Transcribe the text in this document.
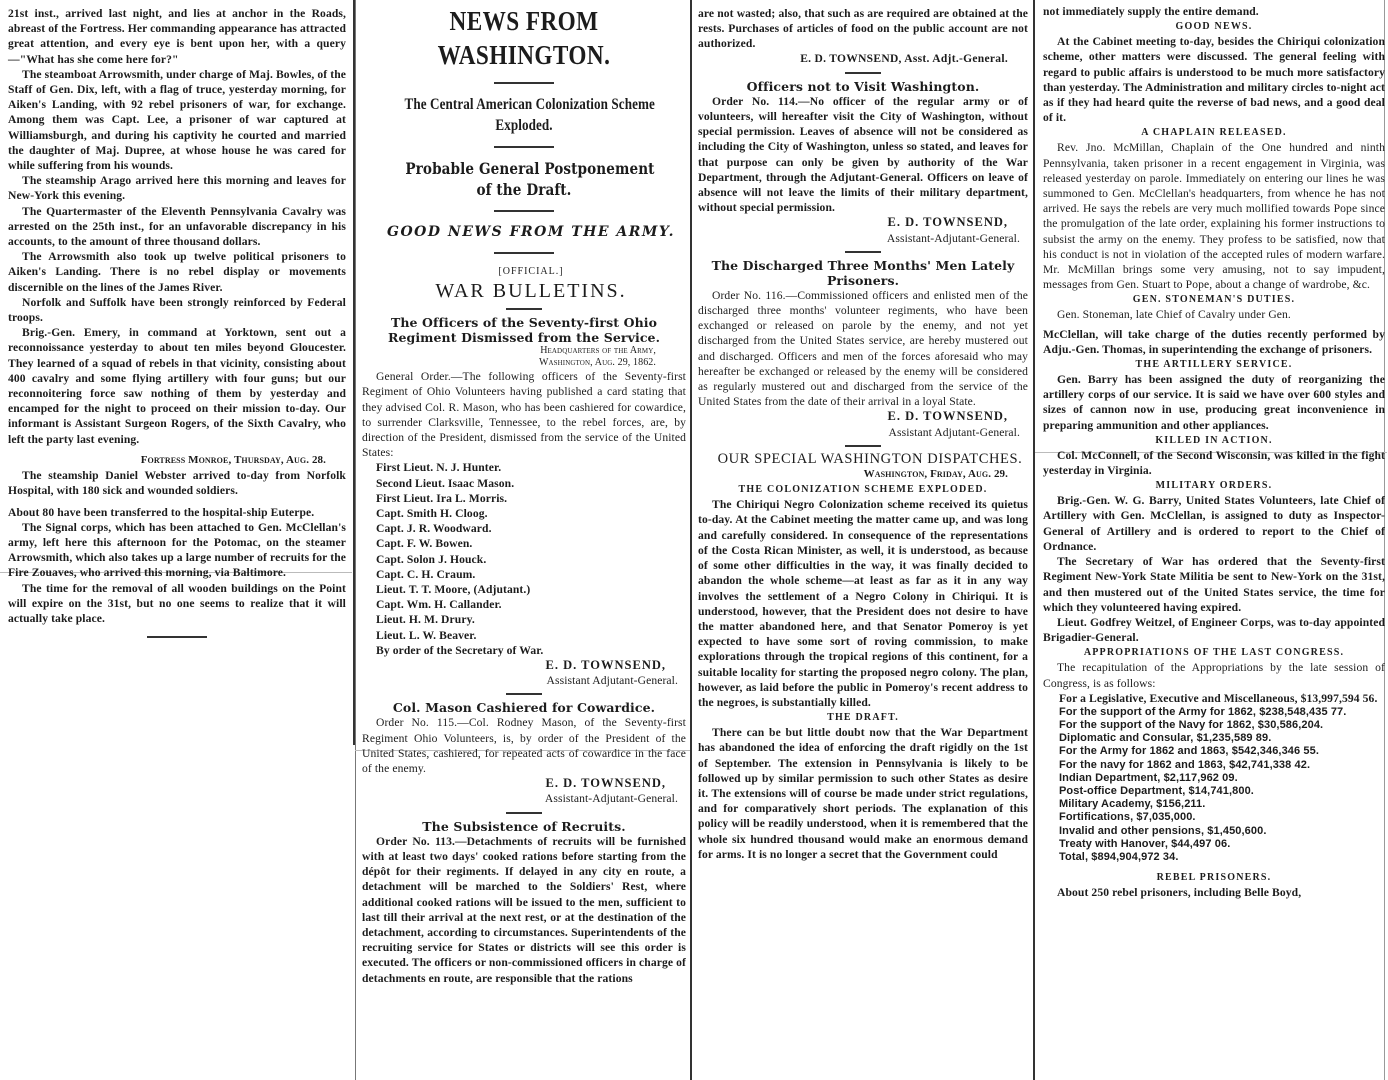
21st inst., arrived last night, and lies at anchor in the Roads, abreast of the Fortress. Her commanding appearance has attracted great attention, and every eye is bent upon her, with a query—"What has she come here for?"

The steamboat Arrowsmith, under charge of Maj. Bowles, of the Staff of Gen. Dix, left, with a flag of truce, yesterday morning, for Aiken's Landing, with 92 rebel prisoners of war, for exchange. Among them was Capt. Lee, a prisoner of war captured at Williamsburgh, and during his captivity he courted and married the daughter of Maj. Dupree, at whose house he was cared for while suffering from his wounds.

The steamship Arago arrived here this morning and leaves for New-York this evening.

The Quartermaster of the Eleventh Pennsylvania Cavalry was arrested on the 25th inst., for an unfavorable discrepancy in his accounts, to the amount of three thousand dollars.

The Arrowsmith also took up twelve political prisoners to Aiken's Landing. There is no rebel display or movements discernible on the lines of the James River.

Norfolk and Suffolk have been strongly reinforced by Federal troops.

Brig.-Gen. Emery, in command at Yorktown, sent out a reconnoissance yesterday to about ten miles beyond Gloucester. They learned of a squad of rebels in that vicinity, consisting about 400 cavalry and some flying artillery with four guns; but our reconnoitering force saw nothing of them by yesterday and encamped for the night to proceed on their mission to-day. Our informant is Assistant Surgeon Rogers, of the Sixth Cavalry, who left the party last evening.

Fortress Monroe, Thursday, Aug. 28.

The steamship Daniel Webster arrived to-day from Norfolk Hospital, with 180 sick and wounded soldiers.

About 80 have been transferred to the hospital-ship Euterpe.

The Signal corps, which has been attached to Gen. McClellan's army, left here this afternoon for the Potomac, on the steamer Arrowsmith, which also takes up a large number of recruits for the Fire Zouaves, who arrived this morning, via Baltimore.

The time for the removal of all wooden buildings on the Point will expire on the 31st, but no one seems to realize that it will actually take place.

NEWS FROM WASHINGTON.

The Central American Colonization Scheme Exploded.

Probable General Postponement of the Draft.

GOOD NEWS FROM THE ARMY.

[OFFICIAL.]

WAR BULLETINS.

The Officers of the Seventy-first Ohio Regiment Dismissed from the Service.

Headquarters of the Army,

Washington, Aug. 29, 1862.

General Order.—The following officers of the Seventy-first Regiment of Ohio Volunteers having published a card stating that they advised Col. R. Mason, who has been cashiered for cowardice, to surrender Clarksville, Tennessee, to the rebel forces, are, by direction of the President, dismissed from the service of the United States:

First Lieut. N. J. Hunter.

Second Lieut. Isaac Mason.

First Lieut. Ira L. Morris.

Capt. Smith H. Cloog.

Capt. J. R. Woodward.

Capt. F. W. Bowen.

Capt. Solon J. Houck.

Capt. C. H. Craum.

Lieut. T. T. Moore, (Adjutant.)

Capt. Wm. H. Callander.

Lieut. H. M. Drury.

Lieut. L. W. Beaver.

By order of the Secretary of War.

E. D. TOWNSEND,

Assistant Adjutant-General.

Col. Mason Cashiered for Cowardice.

Order No. 115.—Col. Rodney Mason, of the Seventy-first Regiment Ohio Volunteers, is, by order of the President of the United States, cashiered, for repeated acts of cowardice in the face of the enemy.

E. D. TOWNSEND,

Assistant-Adjutant-General.

The Subsistence of Recruits.

Order No. 113.—Detachments of recruits will be furnished with at least two days' cooked rations before starting from the dépôt for their regiments. If delayed in any city en route, a detachment will be marched to the Soldiers' Rest, where additional cooked rations will be issued to the men, sufficient to last till their arrival at the next rest, or at the destination of the detachment, according to circumstances. Superintendents of the recruiting service for States or districts will see this order is executed. The officers or non-commissioned officers in charge of detachments en route, are responsible that the rations

are not wasted; also, that such as are required are obtained at the rests. Purchases of articles of food on the public account are not authorized.

E. D. TOWNSEND, Asst. Adjt.-General.

Officers not to Visit Washington.

Order No. 114.—No officer of the regular army or of volunteers, will hereafter visit the City of Washington, without special permission. Leaves of absence will not be considered as including the City of Washington, unless so stated, and leaves for that purpose can only be given by authority of the War Department, through the Adjutant-General. Officers on leave of absence will not leave the limits of their military department, without special permission.

E. D. TOWNSEND,

Assistant-Adjutant-General.

The Discharged Three Months' Men Lately Prisoners.

Order No. 116.—Commissioned officers and enlisted men of the discharged three months' volunteer regiments, who have been exchanged or released on parole by the enemy, and not yet discharged from the United States service, are hereby mustered out and discharged. Officers and men of the forces aforesaid who may hereafter be exchanged or released by the enemy will be considered as regularly mustered out and discharged from the service of the United States from the date of their arrival in a loyal State.

E. D. TOWNSEND,

Assistant Adjutant-General.

OUR SPECIAL WASHINGTON DISPATCHES.

Washington, Friday, Aug. 29.

THE COLONIZATION SCHEME EXPLODED.

The Chiriqui Negro Colonization scheme received its quietus to-day. At the Cabinet meeting the matter came up, and was long and carefully considered. In consequence of the representations of the Costa Rican Minister, as well, it is understood, as because of some other difficulties in the way, it was finally decided to abandon the whole scheme—at least as far as it in any way involves the settlement of a Negro Colony in Chiriqui. It is understood, however, that the President does not desire to have the matter abandoned here, and that Senator Pomeroy is yet expected to have some sort of roving commission, to make explorations through the tropical regions of this continent, for a suitable locality for starting the proposed negro colony. The plan, however, as laid before the public in Pomeroy's recent address to the negroes, is substantially killed.

THE DRAFT.

There can be but little doubt now that the War Department has abandoned the idea of enforcing the draft rigidly on the 1st of September. The extension in Pennsylvania is likely to be followed up by similar permission to such other States as desire it. The extensions will of course be made under strict regulations, and for comparatively short periods. The explanation of this policy will be readily understood, when it is remembered that the whole six hundred thousand would make an enormous demand for arms. It is no longer a secret that the Government could

not immediately supply the entire demand.

GOOD NEWS.

At the Cabinet meeting to-day, besides the Chiriqui colonization scheme, other matters were discussed. The general feeling with regard to public affairs is understood to be much more satisfactory than yesterday. The Administration and military circles to-night act as if they had heard quite the reverse of bad news, and a good deal of it.

A CHAPLAIN RELEASED.

Rev. Jno. McMillan, Chaplain of the One hundred and ninth Pennsylvania, taken prisoner in a recent engagement in Virginia, was released yesterday on parole. Immediately on entering our lines he was summoned to Gen. McClellan's headquarters, from whence he has not arrived. He says the rebels are very much mollified towards Pope since the promulgation of the late order, explaining his former instructions to subsist the army on the enemy. They profess to be satisfied, now that his conduct is not in violation of the accepted rules of modern warfare. Mr. McMillan brings some very amusing, not to say impudent, messages from Gen. Stuart to Pope, about a change of wardrobe, &c.

GEN. STONEMAN'S DUTIES.

Gen. Stoneman, late Chief of Cavalry under Gen.

McClellan, will take charge of the duties recently performed by Adju.-Gen. Thomas, in superintending the exchange of prisoners.

THE ARTILLERY SERVICE.

Gen. Barry has been assigned the duty of reorganizing the artillery corps of our service. It is said we have over 600 styles and sizes of cannon now in use, producing great inconvenience in preparing ammunition and other appliances.

KILLED IN ACTION.

Col. McConnell, of the Second Wisconsin, was killed in the fight yesterday in Virginia.

MILITARY ORDERS.

Brig.-Gen. W. G. Barry, United States Volunteers, late Chief of Artillery with Gen. McClellan, is assigned to duty as Inspector-General of Artillery and is ordered to report to the Chief of Ordnance.

The Secretary of War has ordered that the Seventy-first Regiment New-York State Militia be sent to New-York on the 31st, and then mustered out of the United States service, the time for which they volunteered having expired.

Lieut. Godfrey Weitzel, of Engineer Corps, was to-day appointed Brigadier-General.

APPROPRIATIONS OF THE LAST CONGRESS.

The recapitulation of the Appropriations by the late session of Congress, is as follows:

For a Legislative, Executive and Miscellaneous, $13,997,594 56.

For the support of the Army for 1862, $238,548,435 77.

For the support of the Navy for 1862, $30,586,204.

Diplomatic and Consular, $1,235,589 89.

For the Army for 1862 and 1863, $542,346,346 55.

For the navy for 1862 and 1863, $42,741,338 42.

Indian Department, $2,117,962 09.

Post-office Department, $14,741,800.

Military Academy, $156,211.

Fortifications, $7,035,000.

Invalid and other pensions, $1,450,600.

Treaty with Hanover, $44,497 06.

Total, $894,904,972 34.

REBEL PRISONERS.

About 250 rebel prisoners, including Belle Boyd,
